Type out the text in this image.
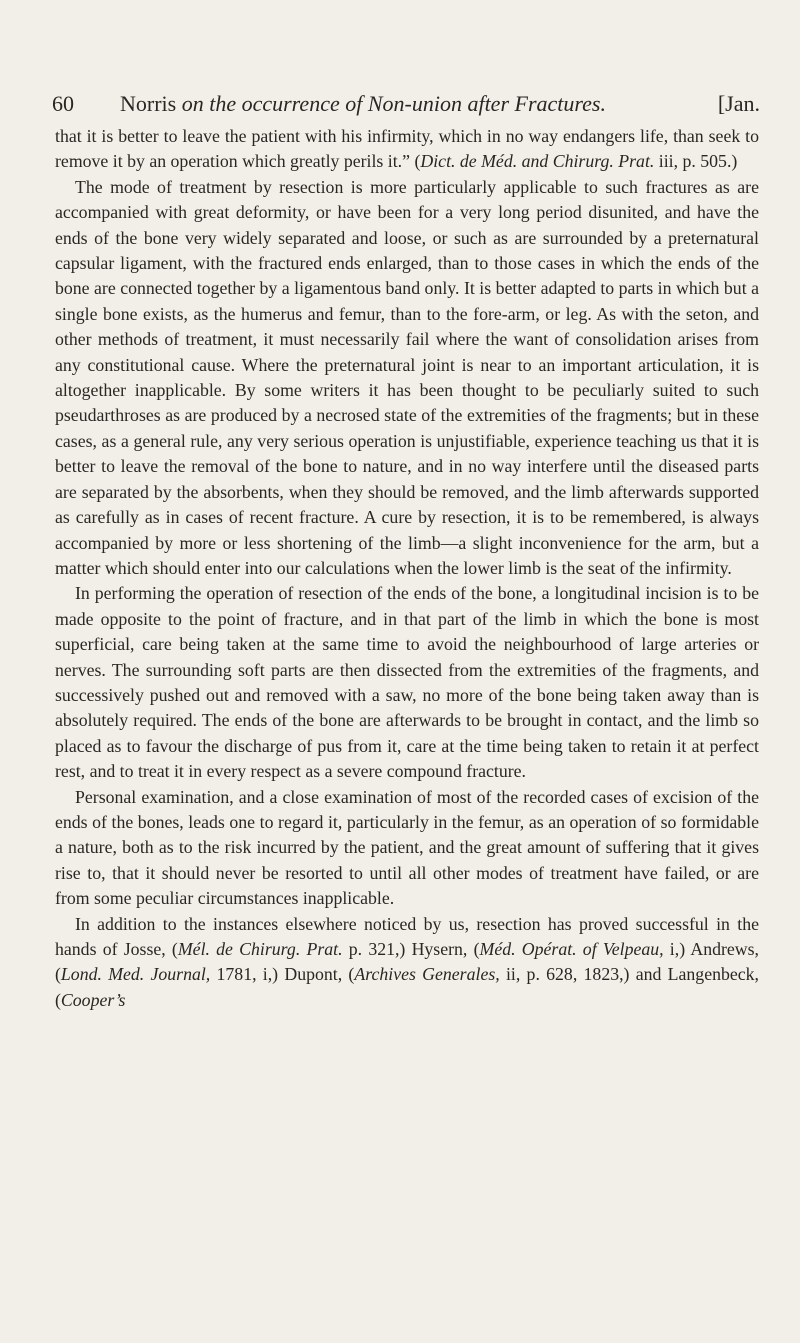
60 Norris on the occurrence of Non-union after Fractures.	[Jan.

that it is better to leave the patient with his infirmity, which in no way endangers life, than seek to remove it by an operation which greatly perils it.” (Dict. de Méd. and Chirurg. Prat. iii, p. 505.)

The mode of treatment by resection is more particularly applicable to such fractures as are accompanied with great deformity, or have been for a very long period disunited, and have the ends of the bone very widely separated and loose, or such as are surrounded by a preternatural capsular ligament, with the fractured ends enlarged, than to those cases in which the ends of the bone are connected together by a ligamentous band only. It is better adapted to parts in which but a single bone exists, as the humerus and femur, than to the fore-arm, or leg. As with the seton, and other methods of treatment, it must necessarily fail where the want of consolidation arises from any constitutional cause. Where the preternatural joint is near to an important articulation, it is altogether inapplicable. By some writers it has been thought to be peculiarly suited to such pseudarthroses as are produced by a necrosed state of the extremities of the fragments; but in these cases, as a general rule, any very serious operation is unjustifiable, experience teaching us that it is better to leave the removal of the bone to nature, and in no way interfere until the diseased parts are separated by the absorbents, when they should be removed, and the limb afterwards supported as carefully as in cases of recent fracture. A cure by resection, it is to be remembered, is always accompanied by more or less shortening of the limb—a slight inconvenience for the arm, but a matter which should enter into our calculations when the lower limb is the seat of the infirmity.

In performing the operation of resection of the ends of the bone, a longitudinal incision is to be made opposite to the point of fracture, and in that part of the limb in which the bone is most superficial, care being taken at the same time to avoid the neighbourhood of large arteries or nerves. The surrounding soft parts are then dissected from the extremities of the fragments, and successively pushed out and removed with a saw, no more of the bone being taken away than is absolutely required. The ends of the bone are afterwards to be brought in contact, and the limb so placed as to favour the discharge of pus from it, care at the time being taken to retain it at perfect rest, and to treat it in every respect as a severe compound fracture.

Personal examination, and a close examination of most of the recorded cases of excision of the ends of the bones, leads one to regard it, particularly in the femur, as an operation of so formidable a nature, both as to the risk incurred by the patient, and the great amount of suffering that it gives rise to, that it should never be resorted to until all other modes of treatment have failed, or are from some peculiar circumstances inapplicable.

In addition to the instances elsewhere noticed by us, resection has proved successful in the hands of Josse, (Mél. de Chirurg. Prat. p. 321,) Hysern, (Méd. Opérat. of Velpeau, i,) Andrews, (Lond. Med. Journal, 1781, i,) Dupont, (Archives Generales, ii, p. 628, 1823,) and Langenbeck, (Cooper’s
